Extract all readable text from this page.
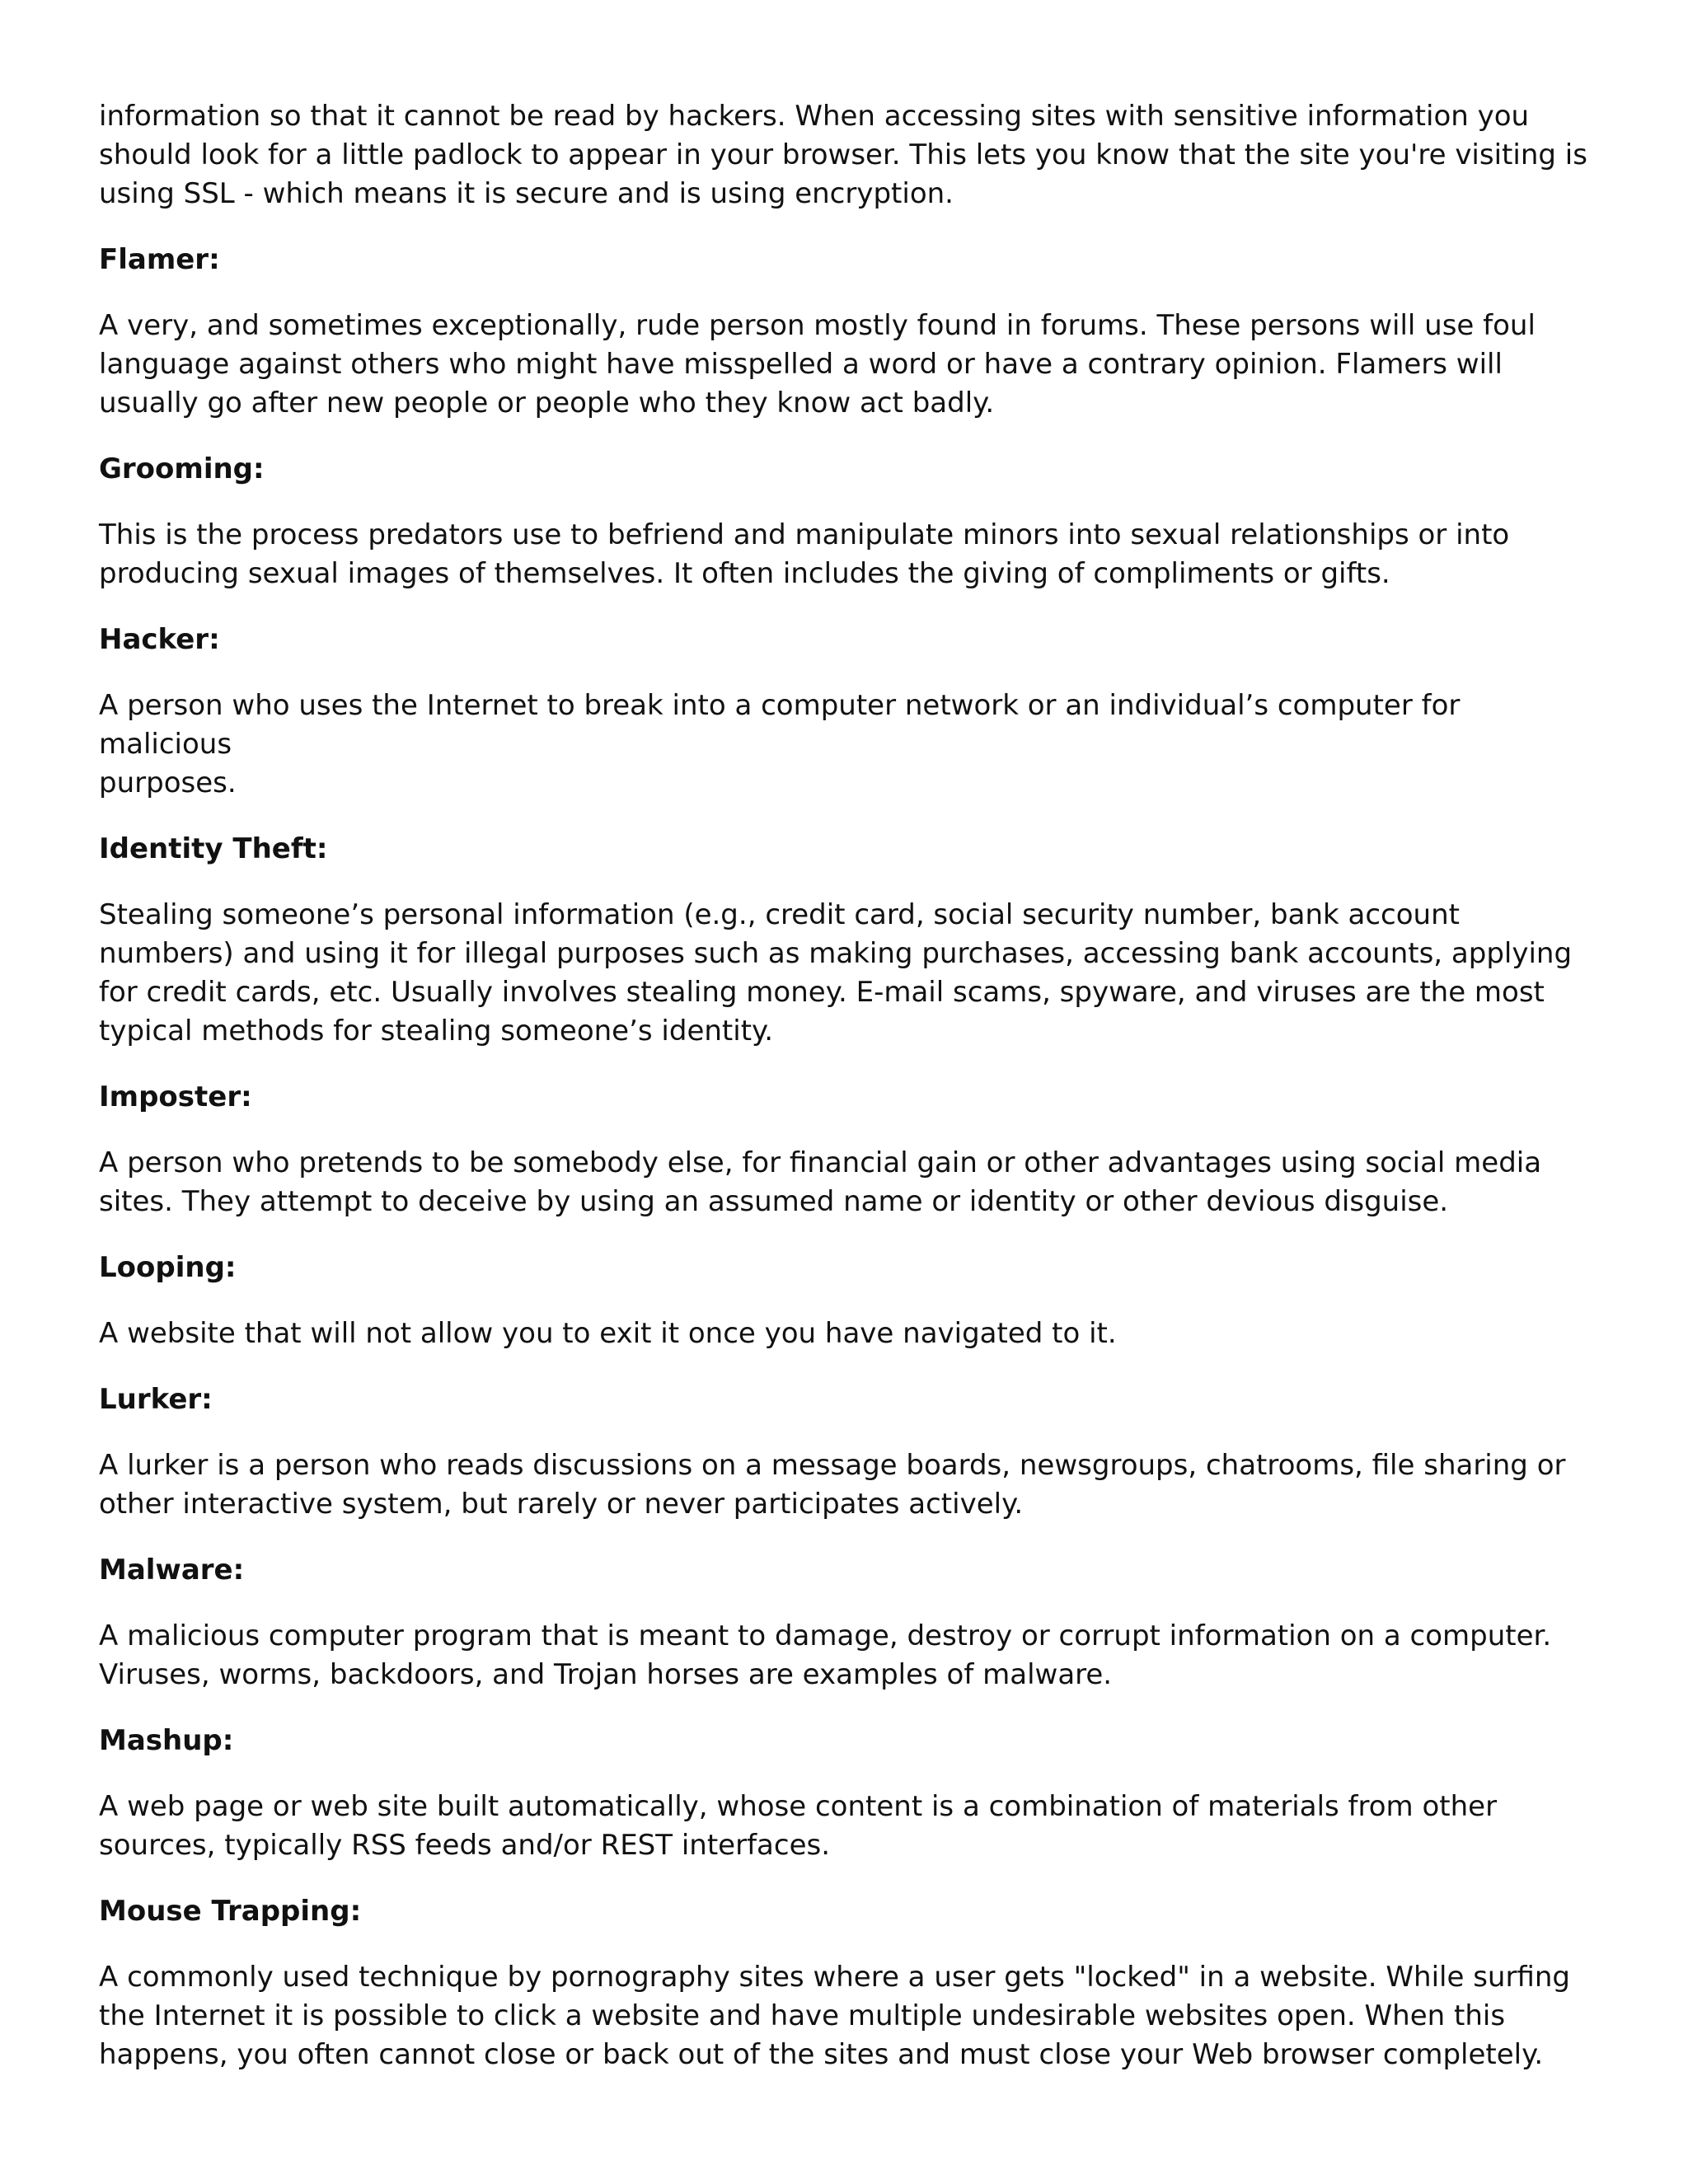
information so that it cannot be read by hackers. When accessing sites with sensitive information you
should look for a little padlock to appear in your browser. This lets you know that the site you're visiting is
using SSL - which means it is secure and is using encryption.

Flamer:

A very, and sometimes exceptionally, rude person mostly found in forums. These persons will use foul
language against others who might have misspelled a word or have a contrary opinion. Flamers will
usually go after new people or people who they know act badly.

Grooming:

This is the process predators use to befriend and manipulate minors into sexual relationships or into
producing sexual images of themselves. It often includes the giving of compliments or gifts.

Hacker:

A person who uses the Internet to break into a computer network or an individual’s computer for malicious
purposes.

Identity Theft:

Stealing someone’s personal information (e.g., credit card, social security number, bank account
numbers) and using it for illegal purposes such as making purchases, accessing bank accounts, applying
for credit cards, etc. Usually involves stealing money. E-mail scams, spyware, and viruses are the most
typical methods for stealing someone’s identity.

Imposter:

A person who pretends to be somebody else, for financial gain or other advantages using social media
sites. They attempt to deceive by using an assumed name or identity or other devious disguise.

Looping:

A website that will not allow you to exit it once you have navigated to it.

Lurker:

A lurker is a person who reads discussions on a message boards, newsgroups, chatrooms, file sharing or
other interactive system, but rarely or never participates actively.

Malware:

A malicious computer program that is meant to damage, destroy or corrupt information on a computer.
Viruses, worms, backdoors, and Trojan horses are examples of malware.

Mashup:

A web page or web site built automatically, whose content is a combination of materials from other
sources, typically RSS feeds and/or REST interfaces.

Mouse Trapping:

A commonly used technique by pornography sites where a user gets "locked" in a website. While surfing
the Internet it is possible to click a website and have multiple undesirable websites open. When this
happens, you often cannot close or back out of the sites and must close your Web browser completely.
